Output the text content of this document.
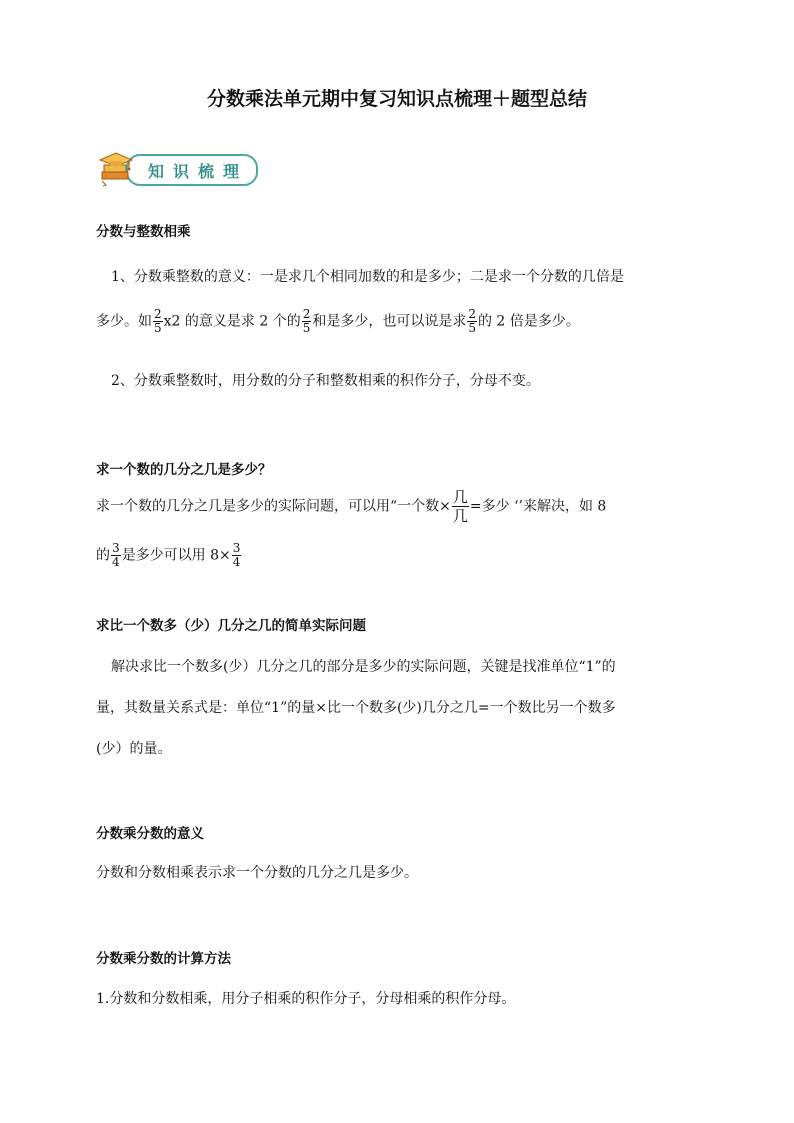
分数乘法单元期中复习知识点梳理＋题型总结
知识梳理
分数与整数相乘
1、分数乘整数的意义：一是求几个相同加数的和是多少；二是求一个分数的几倍是
多少。如 $\frac{2}{5} x2$ 的意义是求 2 个的 $\frac{2}{5}$ 和是多少，也可以说是求 $\frac{2}{5}$ 的 2 倍是多少。
2、分数乘整数时，用分数的分子和整数相乘的积作分子，分母不变。
求一个数的几分之几是多少？
求一个数的几分之几是多少的实际问题，可以用“一个数× $\frac{\text{几}}{\text{几}}$ =多少 ‘’来解决，如 8
的 $\frac{3}{4}$ 是多少可以用 $8\times \frac{3}{4}$
求比一个数多（少）几分之几的简单实际问题
解决求比一个数多(少）几分之几的部分是多少的实际问题，关键是找准单位“1”的
量，其数量关系式是：单位“1”的量×比一个数多(少)几分之几=一个数比另一个数多
(少）的量。
分数乘分数的意义
分数和分数相乘表示求一个分数的几分之几是多少。
分数乘分数的计算方法
1.分数和分数相乘，用分子相乘的积作分子，分母相乘的积作分母。
